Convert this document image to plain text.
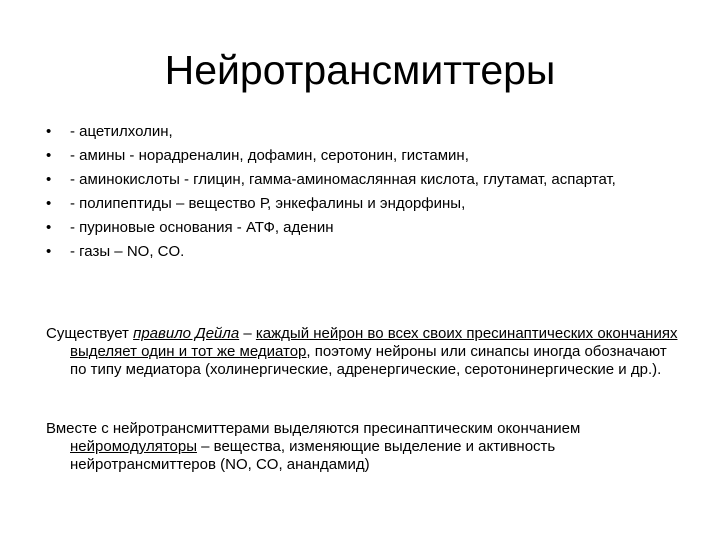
Нейротрансмиттеры
• - ацетилхолин,
• - амины - норадреналин, дофамин, серотонин, гистамин,
• - аминокислоты - глицин, гамма-аминомаслянная кислота, глутамат, аспартат,
• - полипептиды – вещество Р, энкефалины и эндорфины,
• - пуриновые основания - АТФ, аденин
• - газы – NO, CO.
Существует правило Дейла – каждый нейрон во всех своих пресинаптических окончаниях выделяет один и тот же медиатор, поэтому нейроны или синапсы иногда обозначают по типу медиатора (холинергические, адренергические, серотонинергические и др.).
Вместе с нейротрансмиттерами выделяются пресинаптическим окончанием нейромодуляторы – вещества, изменяющие выделение и активность нейротрансмиттеров (NO, CO, анандамид)
